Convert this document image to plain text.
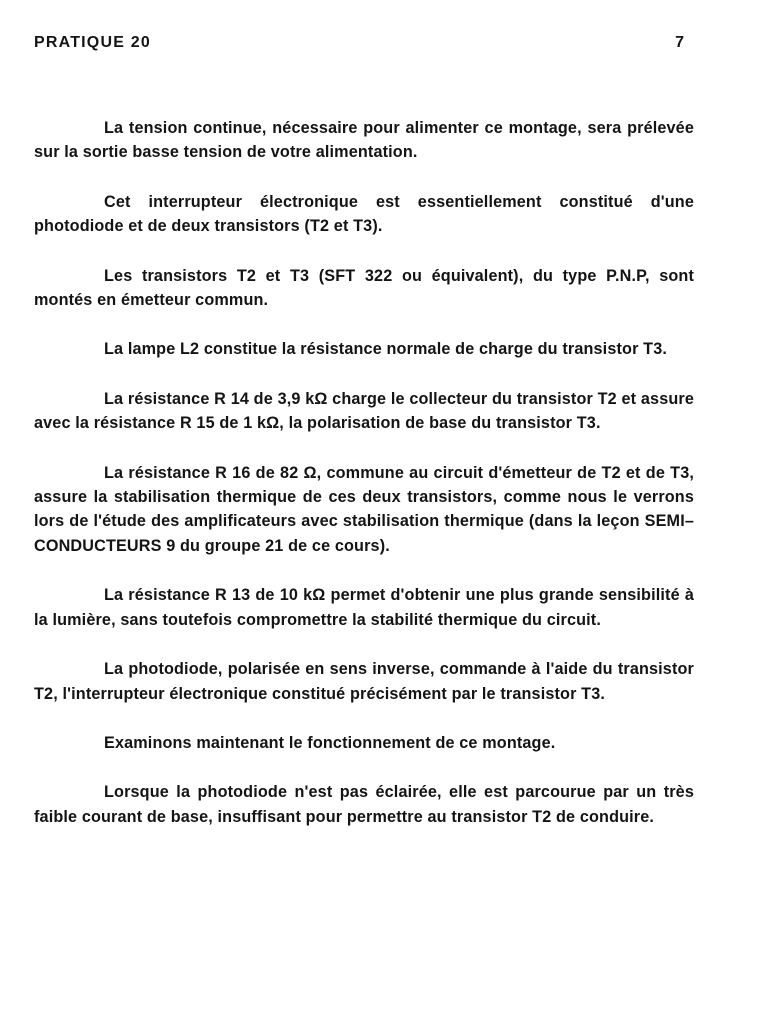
PRATIQUE 20	7

La tension continue, nécessaire pour alimenter ce montage, sera prélevée sur la sortie basse tension de votre alimentation.

Cet interrupteur électronique est essentiellement constitué d'une photodiode et de deux transistors (T2 et T3).

Les transistors T2 et T3 (SFT 322 ou équivalent), du type P.N.P, sont montés en émetteur commun.

La lampe L2 constitue la résistance normale de charge du transistor T3.

La résistance R 14 de 3,9 kΩ charge le collecteur du transistor T2 et assure avec la résistance R 15 de 1 kΩ, la polarisation de base du transistor T3.

La résistance R 16 de 82 Ω, commune au circuit d'émetteur de T2 et de T3, assure la stabilisation thermique de ces deux transistors, comme nous le verrons lors de l'étude des amplificateurs avec stabilisation thermique (dans la leçon SEMI–CONDUCTEURS 9 du groupe 21 de ce cours).

La résistance R 13 de 10 kΩ permet d'obtenir une plus grande sensibilité à la lumière, sans toutefois compromettre la stabilité thermique du circuit.

La photodiode, polarisée en sens inverse, commande à l'aide du transistor T2, l'interrupteur électronique constitué précisément par le transistor T3.

Examinons maintenant le fonctionnement de ce montage.

Lorsque la photodiode n'est pas éclairée, elle est parcourue par un très faible courant de base, insuffisant pour permettre au transistor T2 de conduire.
